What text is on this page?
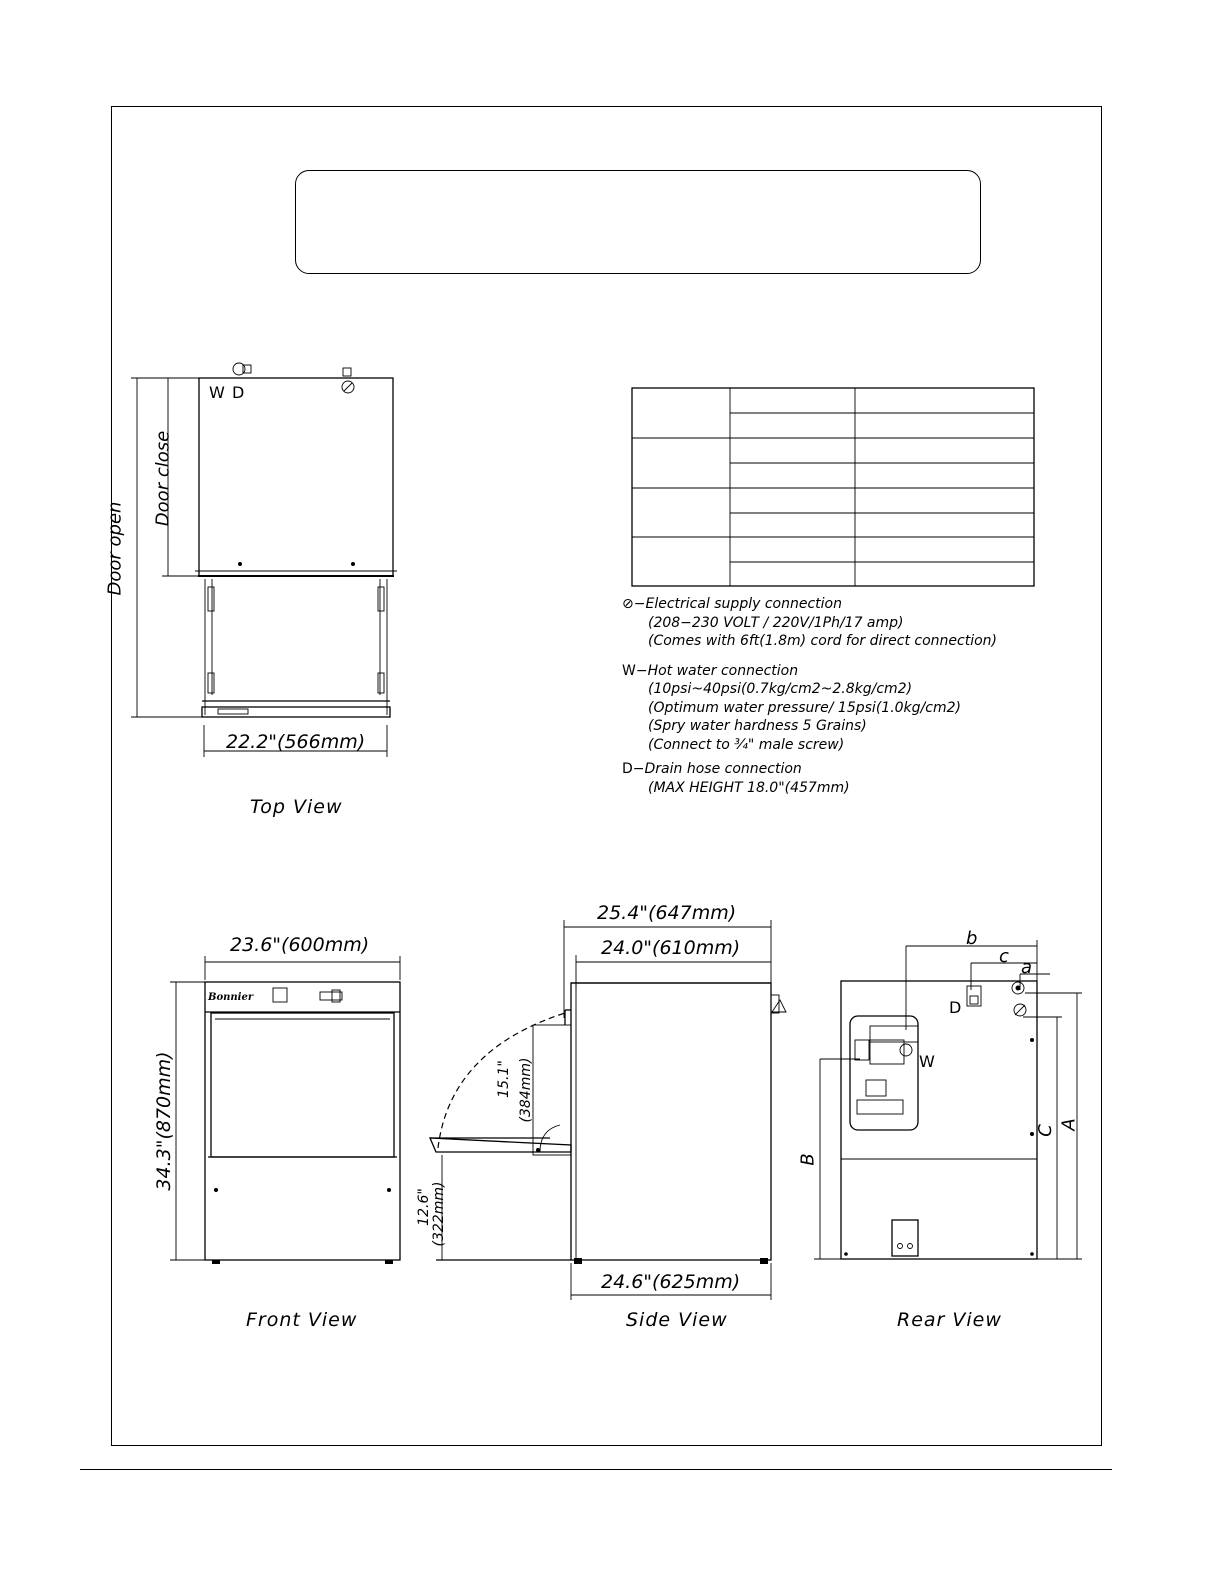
W D
22.2"(566mm)
Door open
Door close
Top View
⊘−Electrical supply connection
(208−230 VOLT / 220V/1Ph/17 amp)
(Comes with 6ft(1.8m) cord for direct connection)
W−Hot water connection
(10psi~40psi(0.7kg/cm2~2.8kg/cm2)
(Optimum water pressure/ 15psi(1.0kg/cm2)
(Spry water hardness 5 Grains)
(Connect to ¾" male screw)
D−Drain hose connection
(MAX HEIGHT 18.0"(457mm)
Bonnier
23.6"(600mm)
34.3"(870mm)
Front View
25.4"(647mm)
24.0"(610mm)
24.6"(625mm)
15.1" (384mm)
12.6" (322mm)
Side View
b
c
a
D
W
B
C A
Rear View
